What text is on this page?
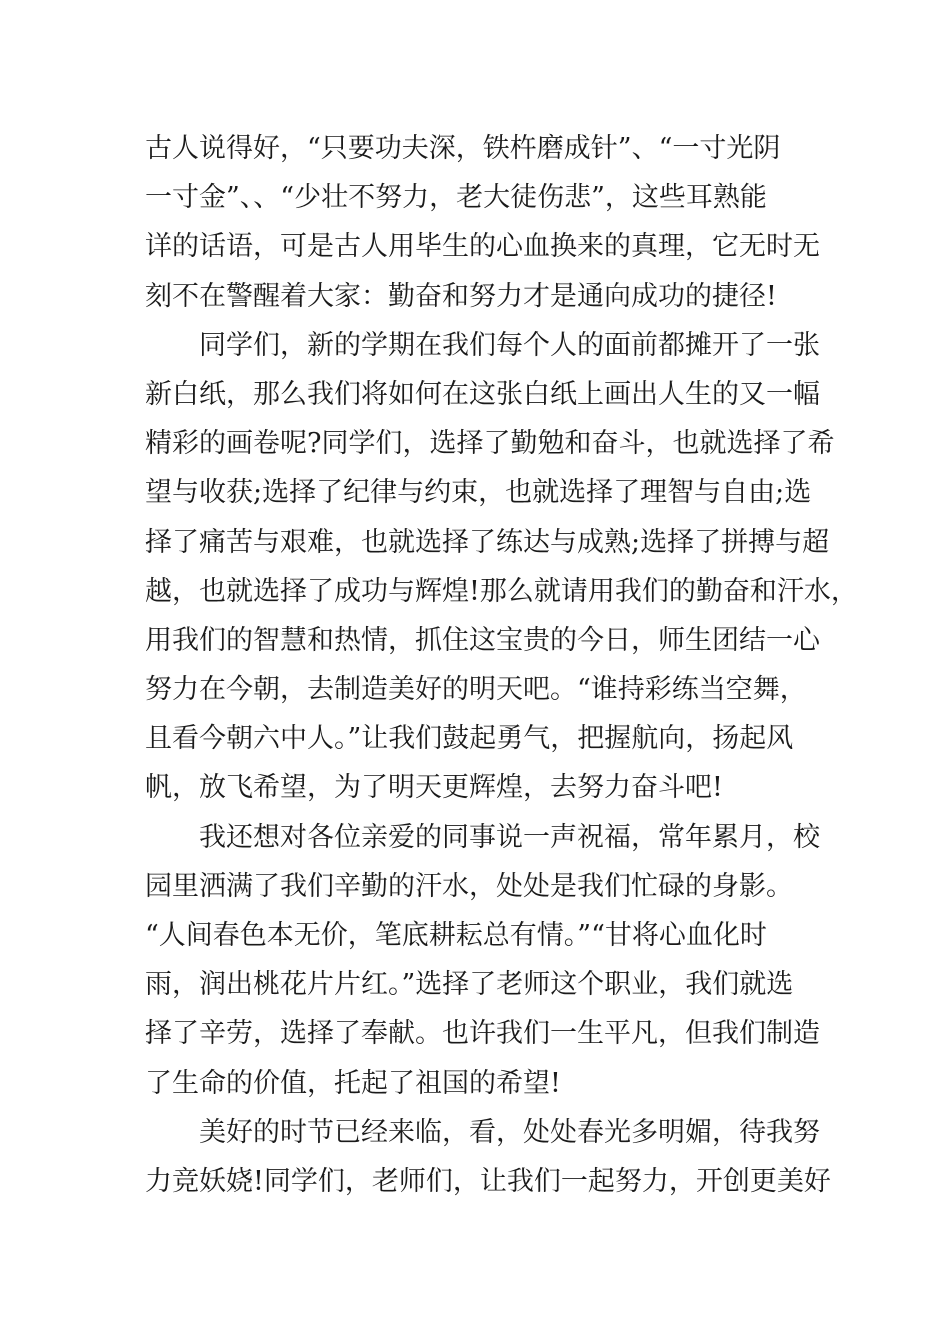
古人说得好，“只要功夫深，铁杵磨成针”、“一寸光阴
一寸金”、、“少壮不努力，老大徒伤悲”，这些耳熟能
详的话语，可是古人用毕生的心血换来的真理，它无时无
刻不在警醒着大家：勤奋和努力才是通向成功的捷径!
同学们，新的学期在我们每个人的面前都摊开了一张
新白纸，那么我们将如何在这张白纸上画出人生的又一幅
精彩的画卷呢?同学们，选择了勤勉和奋斗，也就选择了希
望与收获;选择了纪律与约束，也就选择了理智与自由;选
择了痛苦与艰难，也就选择了练达与成熟;选择了拼搏与超
越，也就选择了成功与辉煌!那么就请用我们的勤奋和汗水，
用我们的智慧和热情，抓住这宝贵的今日，师生团结一心
努力在今朝，去制造美好的明天吧。“谁持彩练当空舞，
且看今朝六中人。”让我们鼓起勇气，把握航向，扬起风
帆，放飞希望，为了明天更辉煌，去努力奋斗吧!
我还想对各位亲爱的同事说一声祝福，常年累月，校
园里洒满了我们辛勤的汗水，处处是我们忙碌的身影。
“人间春色本无价，笔底耕耘总有情。”“甘将心血化时
雨，润出桃花片片红。”选择了老师这个职业，我们就选
择了辛劳，选择了奉献。也许我们一生平凡，但我们制造
了生命的价值，托起了祖国的希望!
美好的时节已经来临，看，处处春光多明媚，待我努
力竞妖娆!同学们，老师们，让我们一起努力，开创更美好
